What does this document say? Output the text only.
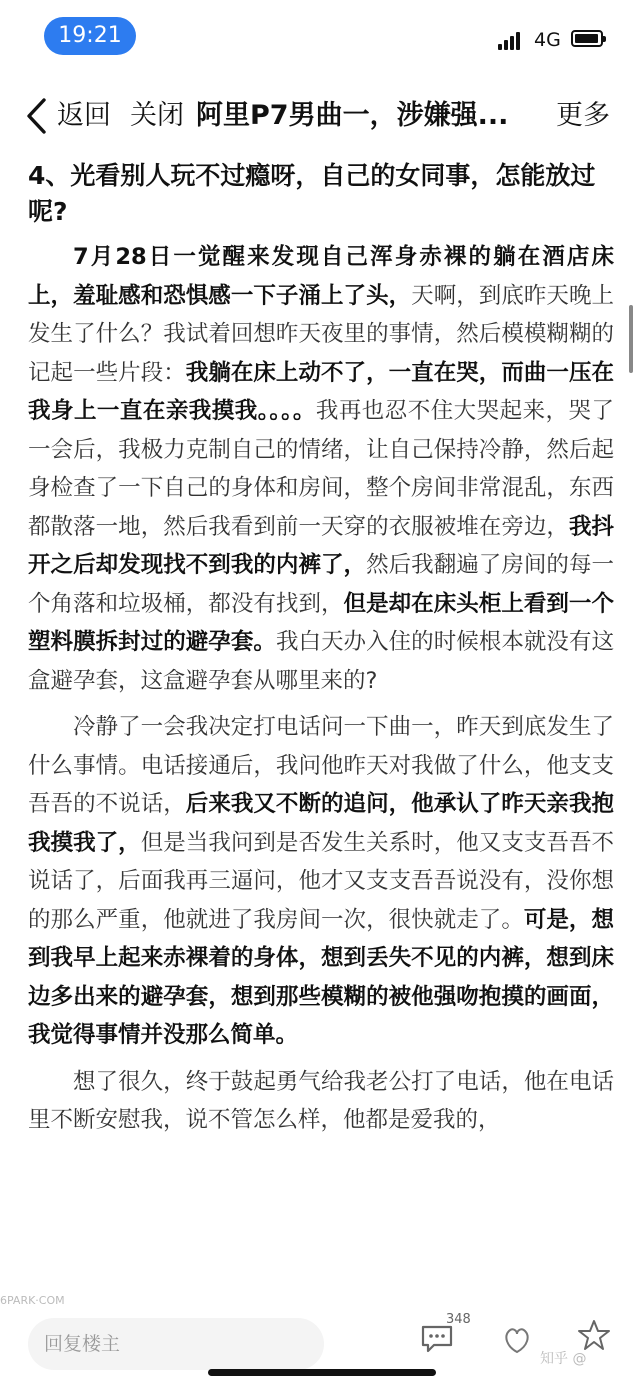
19:21	4G
返回 关闭 阿里P7男曲一，涉嫌强...	更多
4、光看别人玩不过瘾呀，自己的女同事，怎能放过呢?

7月28日一觉醒来发现自己浑身赤裸的躺在酒店床上，羞耻感和恐惧感一下子涌上了头，天啊，到底昨天晚上发生了什么？我试着回想昨天夜里的事情，然后模模糊糊的记起一些片段：我躺在床上动不了，一直在哭，而曲一压在我身上一直在亲我摸我。。。。我再也忍不住大哭起来，哭了一会后，我极力克制自己的情绪，让自己保持冷静，然后起身检查了一下自己的身体和房间，整个房间非常混乱，东西都散落一地，然后我看到前一天穿的衣服被堆在旁边，我抖开之后却发现找不到我的内裤了，然后我翻遍了房间的每一个角落和垃圾桶，都没有找到，但是却在床头柜上看到一个塑料膜拆封过的避孕套。我白天办入住的时候根本就没有这盒避孕套，这盒避孕套从哪里来的?

冷静了一会我决定打电话问一下曲一，昨天到底发生了什么事情。电话接通后，我问他昨天对我做了什么，他支支吾吾的不说话，后来我又不断的追问，他承认了昨天亲我抱我摸我了，但是当我问到是否发生关系时，他又支支吾吾不说话了，后面我再三逼问，他才又支支吾吾说没有，没你想的那么严重，他就进了我房间一次，很快就走了。可是，想到我早上起来赤裸着的身体，想到丢失不见的内裤，想到床边多出来的避孕套，想到那些模糊的被他强吻抱摸的画面，我觉得事情并没那么简单。

想了很久，终于鼓起勇气给我老公打了电话，他在电话里不断安慰我，说不管怎么样，他都是爱我的，

6PARK·COM
回复楼主
348
知乎 @
